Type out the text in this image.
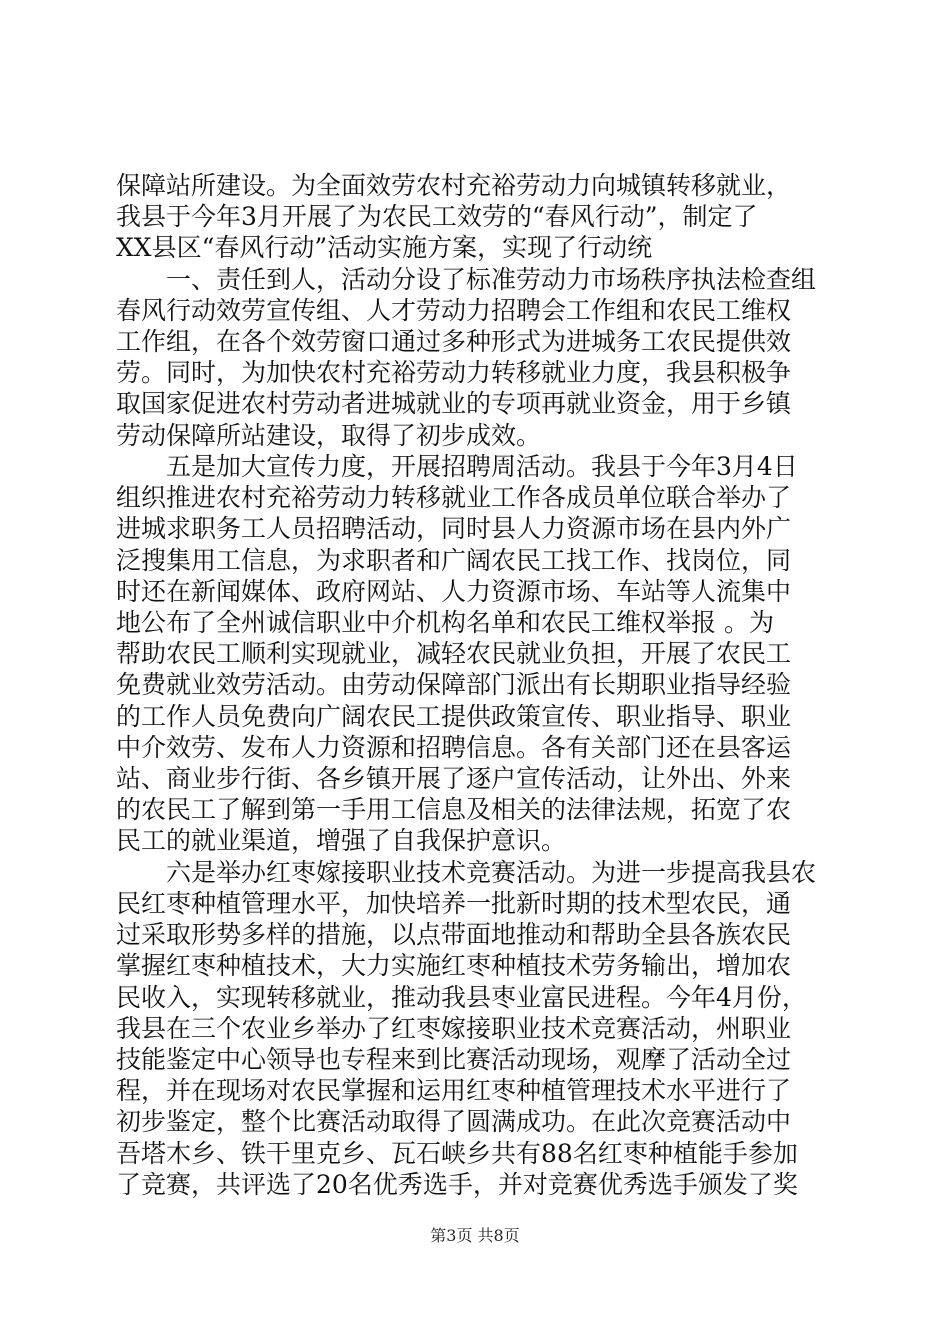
保障站所建设。为全面效劳农村充裕劳动力向城镇转移就业，
我县于今年3月开展了为农民工效劳的“春风行动”，制定了
XX县区“春风行动”活动实施方案，实现了行动统
一、责任到人，活动分设了标准劳动力市场秩序执法检查组
春风行动效劳宣传组、人才劳动力招聘会工作组和农民工维权
工作组，在各个效劳窗口通过多种形式为进城务工农民提供效
劳。同时，为加快农村充裕劳动力转移就业力度，我县积极争
取国家促进农村劳动者进城就业的专项再就业资金，用于乡镇
劳动保障所站建设，取得了初步成效。
五是加大宣传力度，开展招聘周活动。我县于今年3月4日
组织推进农村充裕劳动力转移就业工作各成员单位联合举办了
进城求职务工人员招聘活动，同时县人力资源市场在县内外广
泛搜集用工信息，为求职者和广阔农民工找工作、找岗位，同
时还在新闻媒体、政府网站、人力资源市场、车站等人流集中
地公布了全州诚信职业中介机构名单和农民工维权举报 。为
帮助农民工顺利实现就业，减轻农民就业负担，开展了农民工
免费就业效劳活动。由劳动保障部门派出有长期职业指导经验
的工作人员免费向广阔农民工提供政策宣传、职业指导、职业
中介效劳、发布人力资源和招聘信息。各有关部门还在县客运
站、商业步行街、各乡镇开展了逐户宣传活动，让外出、外来
的农民工了解到第一手用工信息及相关的法律法规，拓宽了农
民工的就业渠道，增强了自我保护意识。
六是举办红枣嫁接职业技术竞赛活动。为进一步提高我县农
民红枣种植管理水平，加快培养一批新时期的技术型农民，通
过采取形势多样的措施，以点带面地推动和帮助全县各族农民
掌握红枣种植技术，大力实施红枣种植技术劳务输出，增加农
民收入，实现转移就业，推动我县枣业富民进程。今年4月份，
我县在三个农业乡举办了红枣嫁接职业技术竞赛活动，州职业
技能鉴定中心领导也专程来到比赛活动现场，观摩了活动全过
程，并在现场对农民掌握和运用红枣种植管理技术水平进行了
初步鉴定，整个比赛活动取得了圆满成功。在此次竞赛活动中
吾塔木乡、铁干里克乡、瓦石峡乡共有88名红枣种植能手参加
了竞赛，共评选了20名优秀选手，并对竞赛优秀选手颁发了奖
第3页 共8页
